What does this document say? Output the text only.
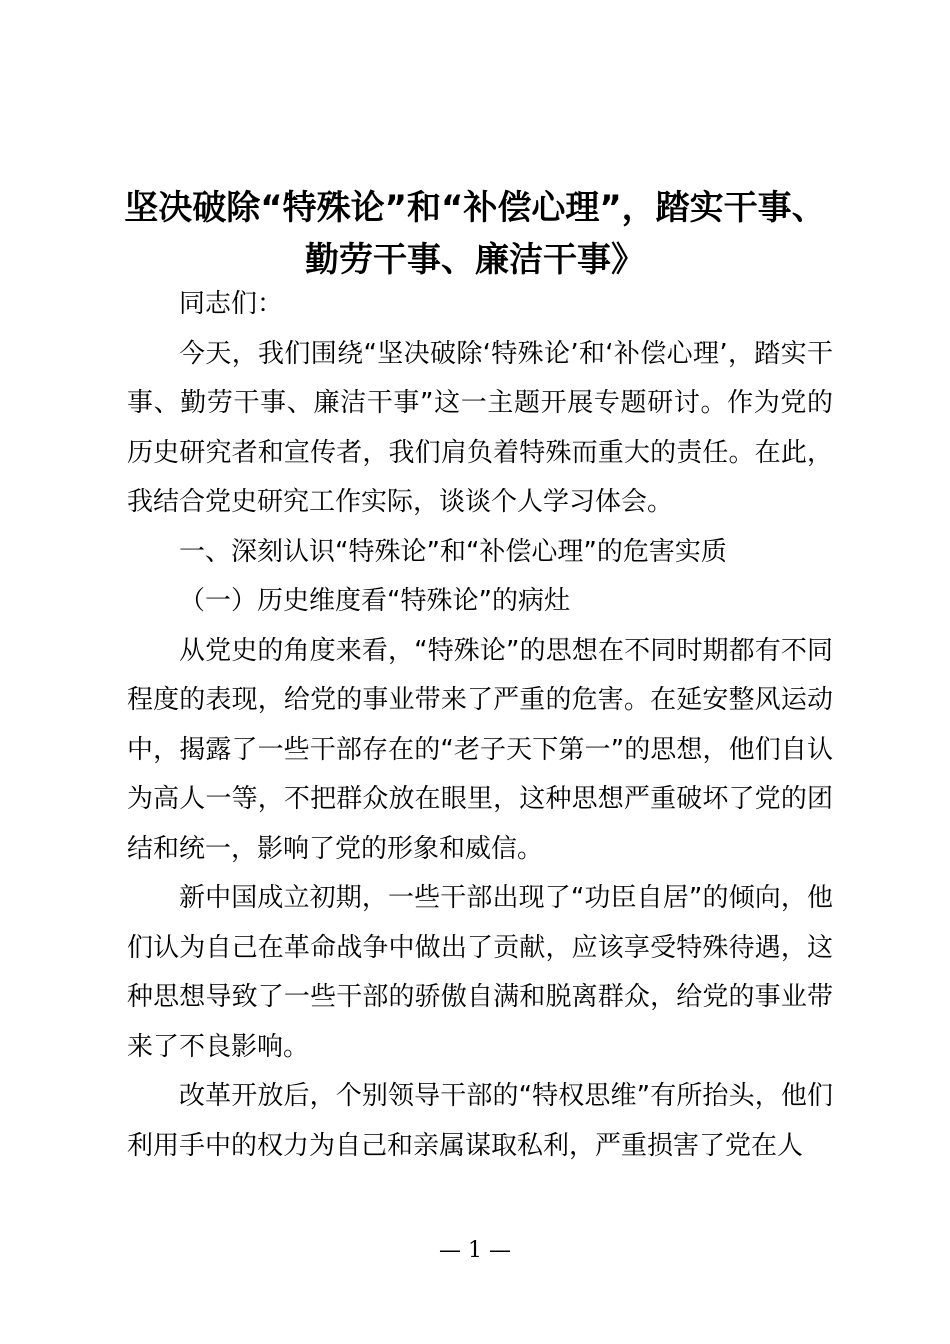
坚决破除“特殊论”和“补偿心理”，踏实干事、勤劳干事、廉洁干事》

同志们：

今天，我们围绕“坚决破除‘特殊论’和‘补偿心理’，踏实干事、勤劳干事、廉洁干事”这一主题开展专题研讨。作为党的历史研究者和宣传者，我们肩负着特殊而重大的责任。在此，我结合党史研究工作实际，谈谈个人学习体会。

一、深刻认识“特殊论”和“补偿心理”的危害实质

（一）历史维度看“特殊论”的病灶

从党史的角度来看，“特殊论”的思想在不同时期都有不同程度的表现，给党的事业带来了严重的危害。在延安整风运动中，揭露了一些干部存在的“老子天下第一”的思想，他们自认为高人一等，不把群众放在眼里，这种思想严重破坏了党的团结和统一，影响了党的形象和威信。

新中国成立初期，一些干部出现了“功臣自居”的倾向，他们认为自己在革命战争中做出了贡献，应该享受特殊待遇，这种思想导致了一些干部的骄傲自满和脱离群众，给党的事业带来了不良影响。

改革开放后，个别领导干部的“特权思维”有所抬头，他们利用手中的权力为自己和亲属谋取私利，严重损害了党在人

— 1 —
